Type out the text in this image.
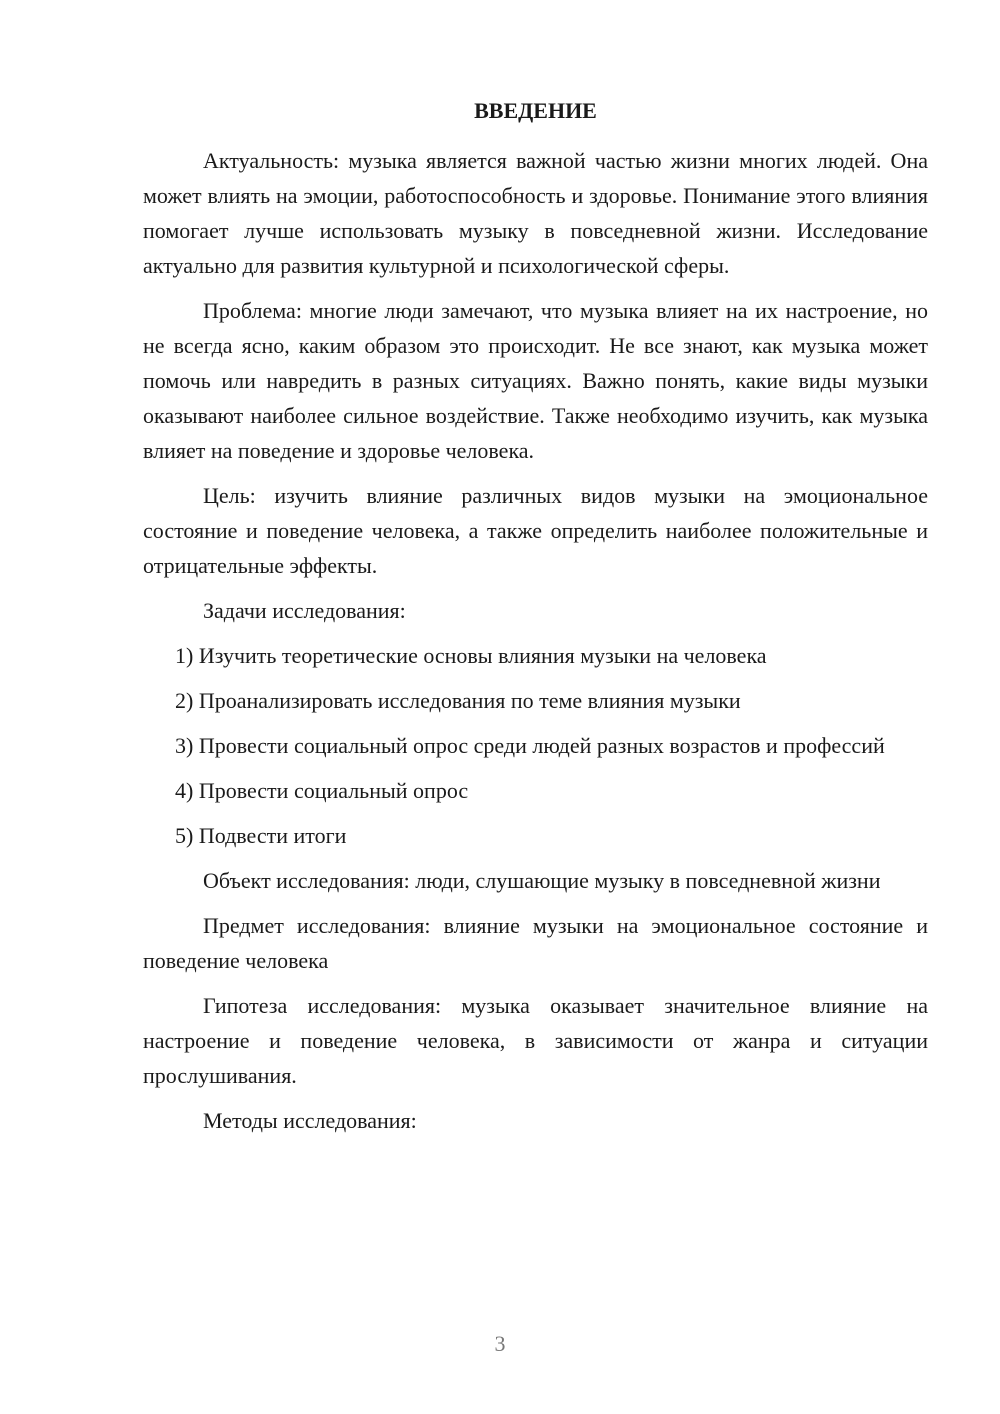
ВВЕДЕНИЕ

Актуальность: музыка является важной частью жизни многих людей. Она может влиять на эмоции, работоспособность и здоровье. Понимание этого влияния помогает лучше использовать музыку в повседневной жизни. Исследование актуально для развития культурной и психологической сферы.

Проблема: многие люди замечают, что музыка влияет на их настроение, но не всегда ясно, каким образом это происходит. Не все знают, как музыка может помочь или навредить в разных ситуациях. Важно понять, какие виды музыки оказывают наиболее сильное воздействие. Также необходимо изучить, как музыка влияет на поведение и здоровье человека.

Цель: изучить влияние различных видов музыки на эмоциональное состояние и поведение человека, а также определить наиболее положительные и отрицательные эффекты.

Задачи исследования:

1) Изучить теоретические основы влияния музыки на человека

2) Проанализировать исследования по теме влияния музыки

3) Провести социальный опрос среди людей разных возрастов и профессий

4) Провести социальный опрос

5) Подвести итоги

Объект исследования: люди, слушающие музыку в повседневной жизни

Предмет исследования: влияние музыки на эмоциональное состояние и поведение человека

Гипотеза исследования: музыка оказывает значительное влияние на настроение и поведение человека, в зависимости от жанра и ситуации прослушивания.

Методы исследования:

3
